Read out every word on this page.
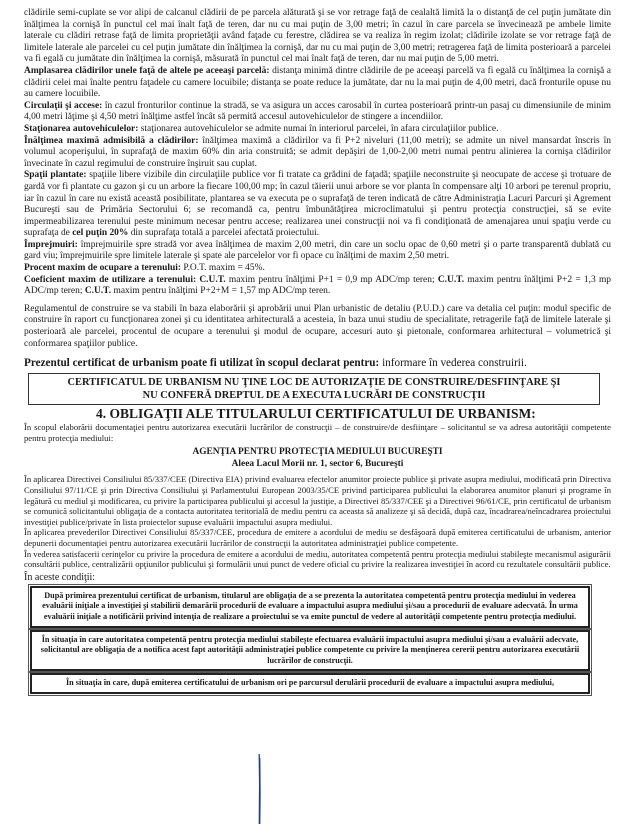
clădirile semi-cuplate se vor alipi de calcanul clădirii de pe parcela alăturată şi se vor retrage faţă de cealaltă limită la o distanţă de cel puţin jumătate din înălţimea la cornişă în punctul cel mai înalt faţă de teren, dar nu cu mai puţin de 3,00 metri; în cazul în care parcela se învecinează pe ambele limite laterale cu clădiri retrase faţă de limita proprietăţii având faţade cu ferestre, clădirea se va realiza în regim izolat; clădirile izolate se vor retrage faţă de limitele laterale ale parcelei cu cel puţin jumătate din înălţimea la cornişă, dar nu cu mai puţin de 3,00 metri; retragerea faţă de limita posterioară a parcelei va fi egală cu jumătate din înălţimea la cornişă, măsurată în punctul cel mai înalt faţă de teren, dar nu mai puţin de 5,00 metri.

Amplasarea clădirilor unele faţă de altele pe aceeaşi parcelă: distanţa minimă dintre clădirile de pe aceeaşi parcelă va fi egală cu înălţimea la cornişă a clădirii celei mai înalte pentru faţadele cu camere locuibile; distanţa se poate reduce la jumătate, dar nu la mai puţin de 4,00 metri, dacă fronturile opuse nu au camere locuibile.

Circulaţii şi accese: în cazul fronturilor continue la stradă, se va asigura un acces carosabil în curtea posterioară printr-un pasaj cu dimensiunile de minim 4,00 metri lăţime şi 4,50 metri înălţime astfel încât să permită accesul autovehiculelor de stingere a incendiilor.

Staţionarea autovehiculelor: staţionarea autovehiculelor se admite numai în interiorul parcelei, în afara circulaţiilor publice.

Înălţimea maximă admisibilă a clădirilor: înălţimea maximă a clădirilor va fi P+2 niveluri (11,00 metri); se admite un nivel mansardat înscris în volumul acoperişului, în suprafaţă de maxim 60% din aria construită; se admit depăşiri de 1,00-2,00 metri numai pentru alinierea la cornişa clădirilor învecinate în cazul regimului de construire înşiruit sau cuplat.

Spaţii plantate: spaţiile libere vizibile din circulaţiile publice vor fi tratate ca grădini de faţadă; spaţiile neconstruite şi neocupate de accese şi trotuare de gardă vor fi plantate cu gazon şi cu un arbore la fiecare 100,00 mp; în cazul tăierii unui arbore se vor planta în compensare alţi 10 arbori pe terenul propriu, iar în cazul în care nu există această posibilitate, plantarea se va executa pe o suprafaţă de teren indicată de către Administraţia Lacuri Parcuri şi Agrement Bucureşti sau de Primăria Sectorului 6; se recomandă ca, pentru îmbunătăţirea microclimatului şi pentru protecţia construcţiei, să se evite impermeabilizarea terenului peste minimum necesar pentru accese; realizarea unei construcţii noi va fi condiţionată de amenajarea unui spaţiu verde cu suprafaţa de cel puţin 20% din suprafaţa totală a parcelei afectată proiectului.

Împrejmuiri: împrejmuirile spre stradă vor avea înălţimea de maxim 2,00 metri, din care un soclu opac de 0,60 metri şi o parte transparentă dublată cu gard viu; împrejmuirile spre limitele laterale şi spate ale parcelelor vor fi opace cu înălţimi de maxim 2,50 metri.

Procent maxim de ocupare a terenului: P.O.T. maxim = 45%.

Coeficient maxim de utilizare a terenului: C.U.T. maxim pentru înălţimi P+1 = 0,9 mp ADC/mp teren; C.U.T. maxim pentru înălţimi P+2 = 1,3 mp ADC/mp teren; C.U.T. maxim pentru înălţimi P+2+M = 1,57 mp ADC/mp teren.

Regulamentul de construire se va stabili în baza elaborării şi aprobării unui Plan urbanistic de detaliu (P.U.D.) care va detalia cel puţin: modul specific de construire în raport cu funcţionarea zonei şi cu identitatea arhitecturală a acesteia, în baza unui studiu de specialitate, retragerile faţă de limitele laterale şi posterioară ale parcelei, procentul de ocupare a terenului şi modul de ocupare, accesuri auto şi pietonale, conformarea arhitectural – volumetrică şi conformarea spaţiilor publice.

Prezentul certificat de urbanism poate fi utilizat în scopul declarat pentru: informare în vederea construirii.

CERTIFICATUL DE URBANISM NU ŢINE LOC DE AUTORIZAŢIE DE CONSTRUIRE/DESFIINŢARE ŞI
NU CONFERĂ DREPTUL DE A EXECUTA LUCRĂRI DE CONSTRUCŢII
4. OBLIGAŢII ALE TITULARULUI CERTIFICATULUI DE URBANISM:

În scopul elaborării documentaţiei pentru autorizarea executării lucrărilor de construcţii – de construire/de desfiinţare – solicitantul se va adresa autorităţii competente pentru protecţia mediului:

AGENŢIA PENTRU PROTECŢIA MEDIULUI BUCUREŞTI

Aleea Lacul Morii nr. 1, sector 6, Bucureşti

În aplicarea Directivei Consiliului 85/337/CEE (Directiva EIA) privind evaluarea efectelor anumitor proiecte publice şi private asupra mediului, modificată prin Directiva Consiliului 97/11/CE şi prin Directiva Consiliului şi Parlamentului European 2003/35/CE privind participarea publicului la elaborarea anumitor planuri şi programe în legătură cu mediul şi modificarea, cu privire la participarea publicului şi accesul la justiţie, a Directivei 85/337/CEE şi a Directivei 96/61/CE, prin certificatul de urbanism se comunică solicitantului obligaţia de a contacta autoritatea teritorială de mediu pentru ca aceasta să analizeze şi să decidă, după caz, încadrarea/neîncadrarea proiectului investiţiei publice/private în lista proiectelor supuse evaluării impactului asupra mediului.

În aplicarea prevederilor Directivei Consiliului 85/337/CEE, procedura de emitere a acordului de mediu se desfăşoară după emiterea certificatului de urbanism, anterior depunerii documentaţiei pentru autorizarea executării lucrărilor de construcţii la autoritatea administraţiei publice competente.

În vederea satisfacerii cerinţelor cu privire la procedura de emitere a acordului de mediu, autoritatea competentă pentru protecţia mediului stabileşte mecanismul asigurării consultării publice, centralizării opţiunilor publicului şi formulării unui punct de vedere oficial cu privire la realizarea investiţiei în acord cu rezultatele consultării publice.

În aceste condiţii:

După primirea prezentului certificat de urbanism, titularul are obligaţia de a se prezenta la autoritatea competentă pentru protecţia mediului în vederea evaluării iniţiale a investiţiei şi stabilirii demarării procedurii de evaluare a impactului asupra mediului şi/sau a procedurii de evaluare adecvată. În urma evaluării iniţiale a notificării privind intenţia de realizare a proiectului se va emite punctul de vedere al autorităţii competente pentru protecţia mediului.
În situaţia în care autoritatea competentă pentru protecţia mediului stabileşte efectuarea evaluării impactului asupra mediului şi/sau a evaluării adecvate, solicitantul are obligaţia de a notifica acest fapt autorităţii administraţiei publice competente cu privire la menţinerea cererii pentru autorizarea executării lucrărilor de construcţii.
În situaţia în care, după emiterea certificatului de urbanism ori pe parcursul derulării procedurii de evaluare a impactului asupra mediului,
